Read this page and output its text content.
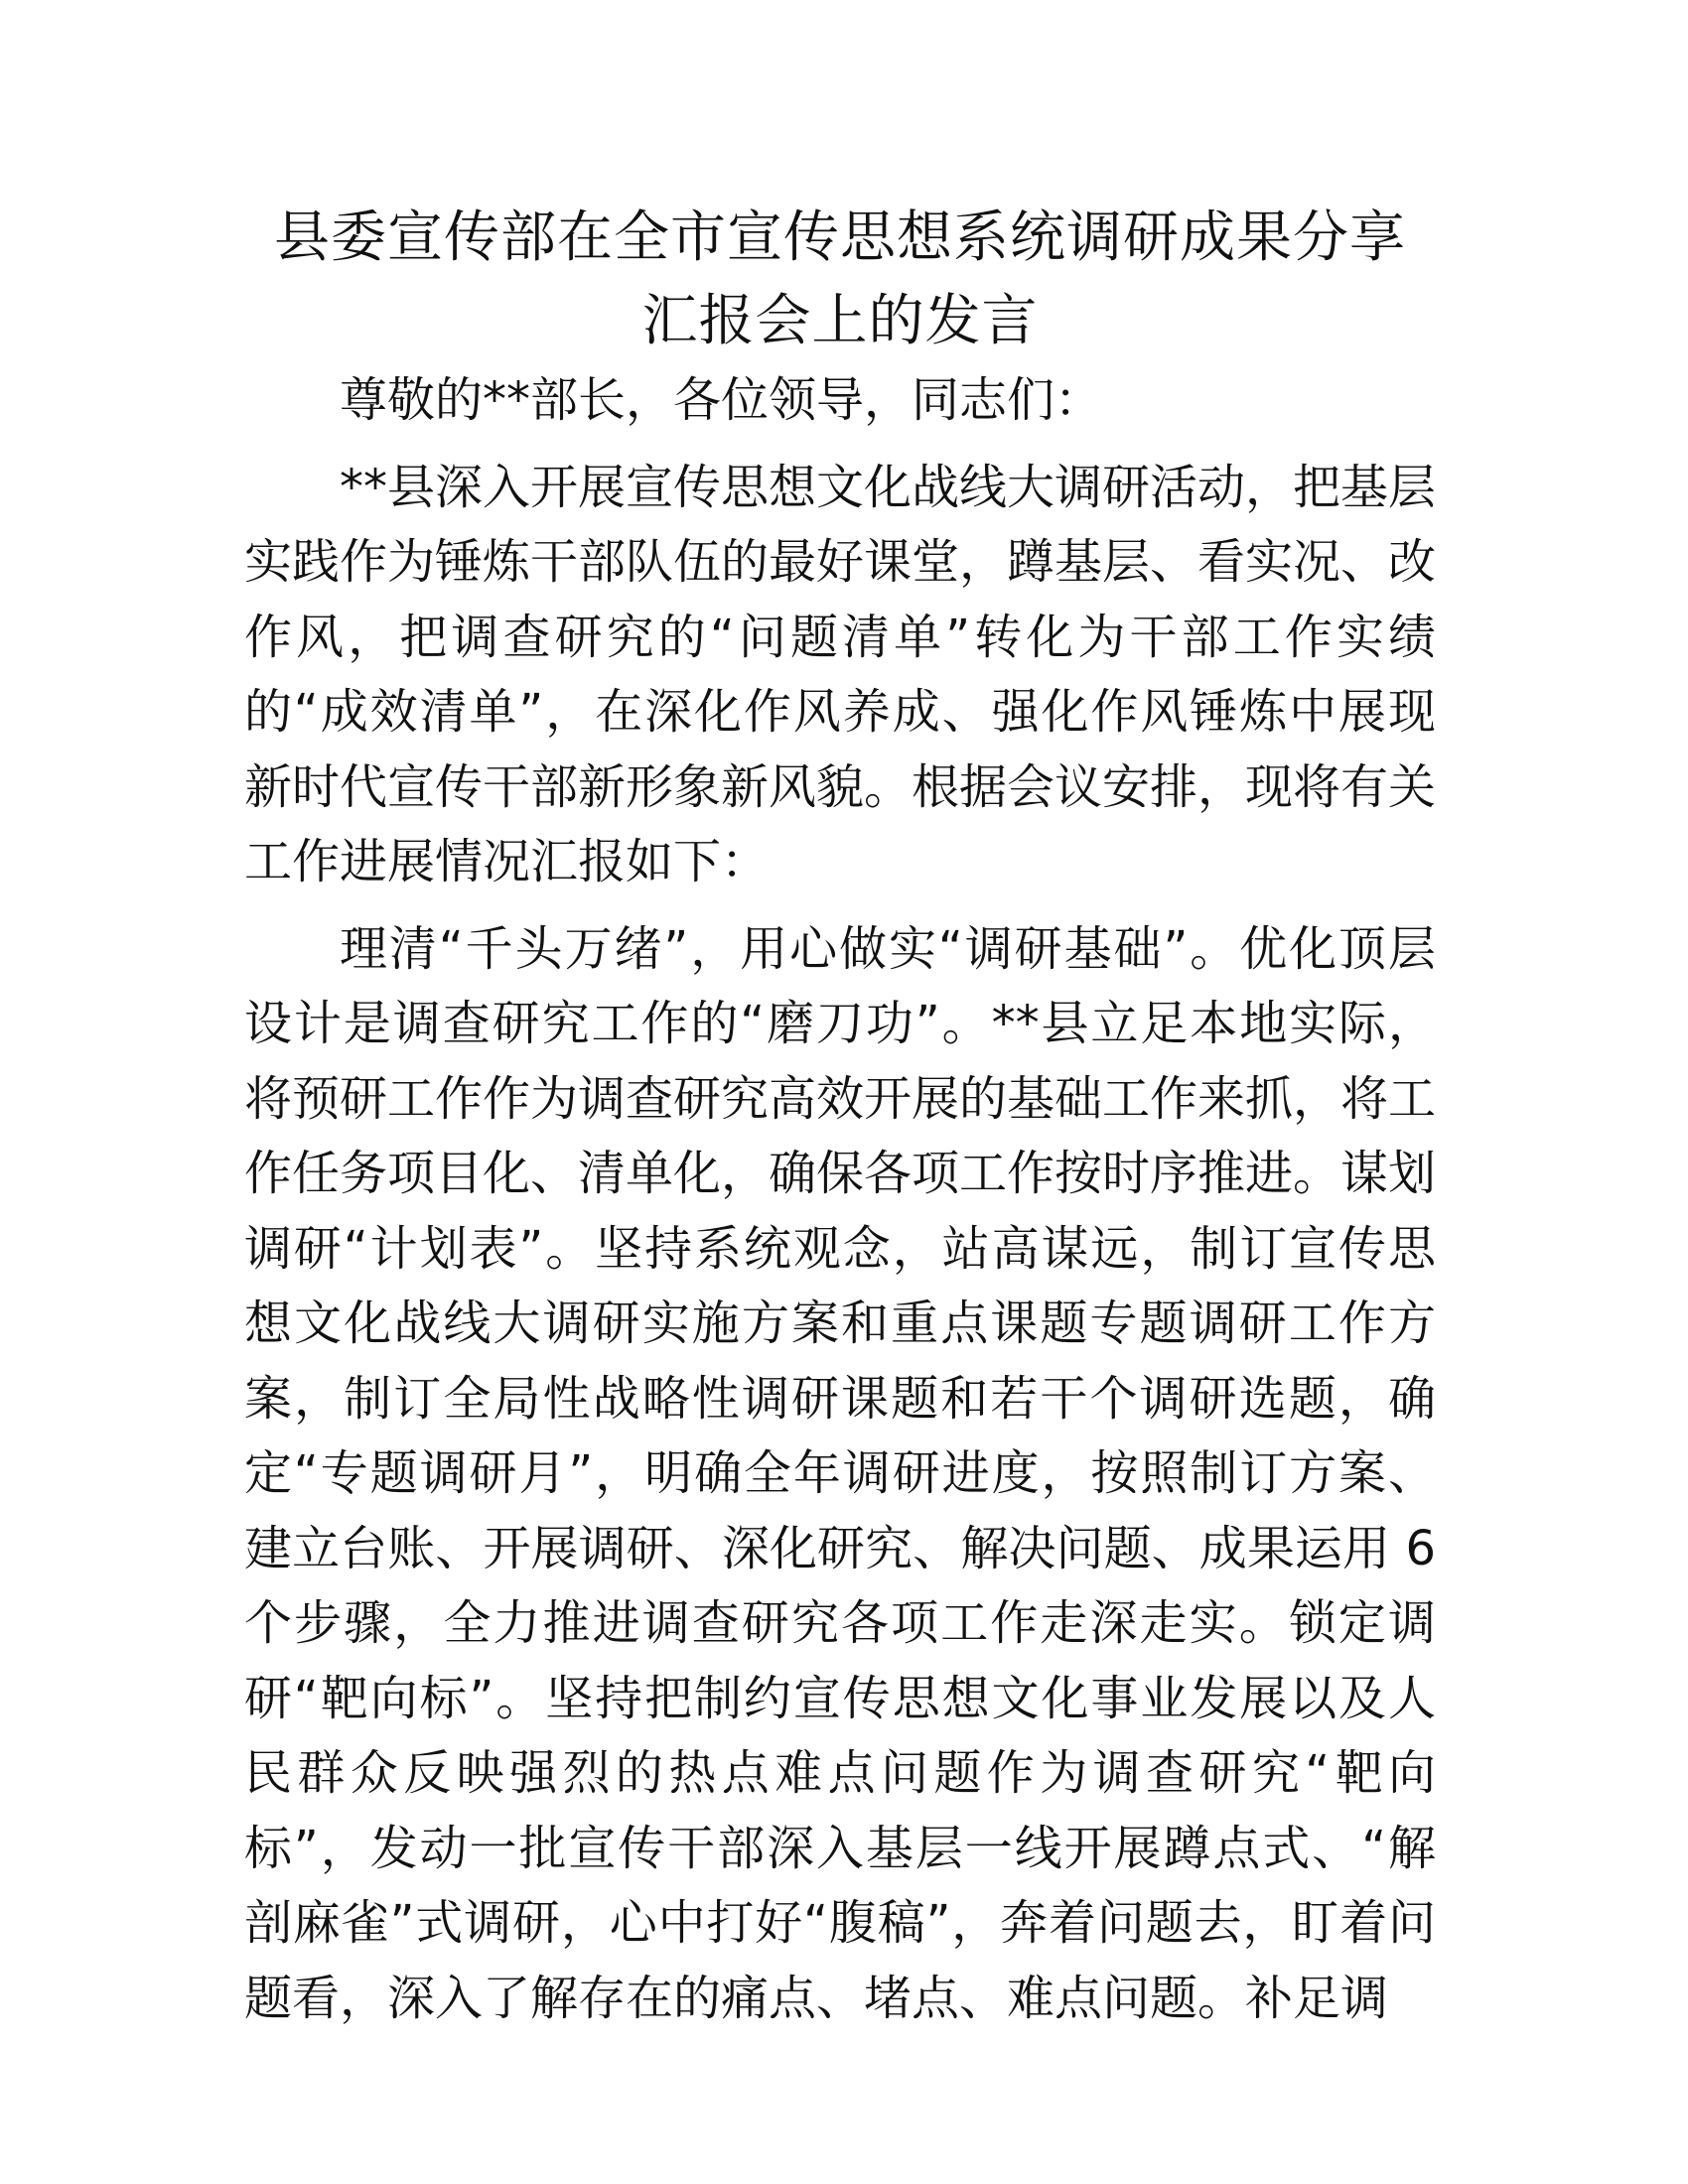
县委宣传部在全市宣传思想系统调研成果分享
汇报会上的发言

尊敬的**部长，各位领导，同志们：

**县深入开展宣传思想文化战线大调研活动，把基层实践作为锤炼干部队伍的最好课堂，蹲基层、看实况、改作风，把调查研究的“问题清单”转化为干部工作实绩的“成效清单”，在深化作风养成、强化作风锤炼中展现新时代宣传干部新形象新风貌。根据会议安排，现将有关工作进展情况汇报如下：

理清“千头万绪”，用心做实“调研基础”。优化顶层设计是调查研究工作的“磨刀功”。**县立足本地实际，将预研工作作为调查研究高效开展的基础工作来抓，将工作任务项目化、清单化，确保各项工作按时序推进。谋划调研“计划表”。坚持系统观念，站高谋远，制订宣传思想文化战线大调研实施方案和重点课题专题调研工作方案，制订全局性战略性调研课题和若干个调研选题，确定“专题调研月”，明确全年调研进度，按照制订方案、建立台账、开展调研、深化研究、解决问题、成果运用 6 个步骤，全力推进调查研究各项工作走深走实。锁定调研“靶向标”。坚持把制约宣传思想文化事业发展以及人民群众反映强烈的热点难点问题作为调查研究“靶向标”，发动一批宣传干部深入基层一线开展蹲点式、“解剖麻雀”式调研，心中打好“腹稿”，奔着问题去，盯着问题看，深入了解存在的痛点、堵点、难点问题。补足调
